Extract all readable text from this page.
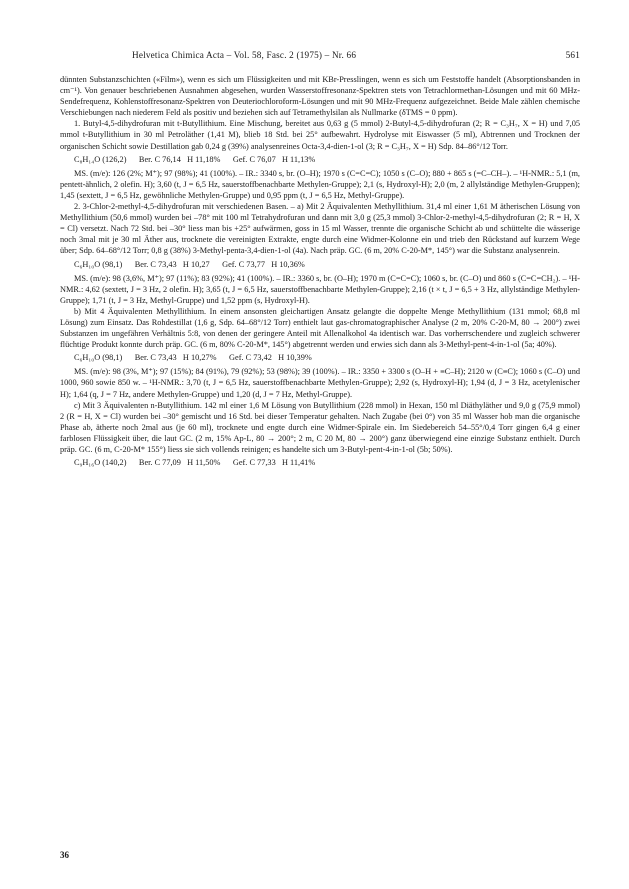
Helvetica Chimica Acta – Vol. 58, Fasc. 2 (1975) – Nr. 66	561

dünnten Substanzschichten («Film»), wenn es sich um Flüssigkeiten und mit KBr-Presslingen, wenn es sich um Feststoffe handelt (Absorptionsbanden in cm⁻¹). Von genauer beschriebenen Ausnahmen abgesehen, wurden Wasserstoffresonanz-Spektren stets von Tetrachlormethan-Lösungen und mit 60 MHz-Sendefrequenz, Kohlenstoffresonanz-Spektren von Deuteriochloroform-Lösungen und mit 90 MHz-Frequenz aufgezeichnet. Beide Male zählen chemische Verschiebungen nach niederem Feld als positiv und beziehen sich auf Tetramethylsilan als Nullmarke (δTMS = 0 ppm).

1. Butyl-4,5-dihydrofuran mit t-Butyllithium. Eine Mischung, bereitet aus 0,63 g (5 mmol) 2-Butyl-4,5-dihydrofuran (2; R = C₃H₇, X = H) und 7,05 mmol t-Butyllithium in 30 ml Petroläther (1,41 M), blieb 18 Std. bei 25° aufbewahrt. Hydrolyse mit Eiswasser (5 ml), Abtrennen und Trocknen der organischen Schicht sowie Destillation gab 0,24 g (39%) analysenreines Octa-3,4-dien-1-ol (3; R = C₃H₇, X = H) Sdp. 84–86°/12 Torr.

C₈H₁₄O (126,2)      Ber. C 76,14   H 11,18%      Gef. C 76,07   H 11,13%

MS. (m/e): 126 (2%; M⁺); 97 (98%); 41 (100%). – IR.: 3340 s, br. (O–H); 1970 s (C=C=C); 1050 s (C–O); 880 + 865 s (=C–CH–). – ¹H-NMR.: 5,1 (m, pentett-ähnlich, 2 olefin. H); 3,60 (t, J = 6,5 Hz, sauerstoffbenachbarte Methylen-Gruppe); 2,1 (s, Hydroxyl-H); 2,0 (m, 2 allylständige Methylen-Gruppen); 1,45 (sextett, J = 6,5 Hz, gewöhnliche Methylen-Gruppe) und 0,95 ppm (t, J = 6,5 Hz, Methyl-Gruppe).

2. 3-Chlor-2-methyl-4,5-dihydrofuran mit verschiedenen Basen. – a) Mit 2 Äquivalenten Methyllithium. 31,4 ml einer 1,61 M ätherischen Lösung von Methyllithium (50,6 mmol) wurden bei –78° mit 100 ml Tetrahydrofuran und dann mit 3,0 g (25,3 mmol) 3-Chlor-2-methyl-4,5-dihydrofuran (2; R = H, X = Cl) versetzt. Nach 72 Std. bei –30° liess man bis +25° aufwärmen, goss in 15 ml Wasser, trennte die organische Schicht ab und schüttelte die wässerige noch 3mal mit je 30 ml Äther aus, trocknete die vereinigten Extrakte, engte durch eine Widmer-Kolonne ein und trieb den Rückstand auf kurzem Wege über; Sdp. 64–68°/12 Torr; 0,8 g (38%) 3-Methyl-penta-3,4-dien-1-ol (4a). Nach präp. GC. (6 m, 20% C-20-M*, 145°) war die Substanz analysenrein.

C₆H₁₀O (98,1)      Ber. C 73,43   H 10,27      Gef. C 73,77   H 10,36%

MS. (m/e): 98 (3,6%, M⁺); 97 (11%); 83 (92%); 41 (100%). – IR.: 3360 s, br. (O–H); 1970 m (C=C=C); 1060 s, br. (C–O) und 860 s (C=C=CH₂). – ¹H-NMR.: 4,62 (sextett, J = 3 Hz, 2 olefin. H); 3,65 (t, J = 6,5 Hz, sauerstoffbenachbarte Methylen-Gruppe); 2,16 (t × t, J = 6,5 + 3 Hz, allylständige Methylen-Gruppe); 1,71 (t, J = 3 Hz, Methyl-Gruppe) und 1,52 ppm (s, Hydroxyl-H).

b) Mit 4 Äquivalenten Methyllithium. In einem ansonsten gleichartigen Ansatz gelangte die doppelte Menge Methyllithium (131 mmol; 68,8 ml Lösung) zum Einsatz. Das Rohdestillat (1,6 g, Sdp. 64–68°/12 Torr) enthielt laut gas-chromatographischer Analyse (2 m, 20% C-20-M, 80 → 200°) zwei Substanzen im ungefähren Verhältnis 5:8, von denen der geringere Anteil mit Allenalkohol 4a identisch war. Das vorherrschendere und zugleich schwerer flüchtige Produkt konnte durch präp. GC. (6 m, 80% C-20-M*, 145°) abgetrennt werden und erwies sich dann als 3-Methyl-pent-4-in-1-ol (5a; 40%).

C₆H₁₀O (98,1)      Ber. C 73,43   H 10,27%      Gef. C 73,42   H 10,39%

MS. (m/e): 98 (3%, M⁺); 97 (15%); 84 (91%), 79 (92%); 53 (98%); 39 (100%). – IR.: 3350 + 3300 s (O–H + ≡C–H); 2120 w (C≡C); 1060 s (C–O) und 1000, 960 sowie 850 w. – ¹H-NMR.: 3,70 (t, J = 6,5 Hz, sauerstoffbenachbarte Methylen-Gruppe); 2,92 (s, Hydroxyl-H); 1,94 (d, J = 3 Hz, acetylenischer H); 1,64 (q, J = 7 Hz, andere Methylen-Gruppe) und 1,20 (d, J = 7 Hz, Methyl-Gruppe).

c) Mit 3 Äquivalenten n-Butyllithium. 142 ml einer 1,6 M Lösung von Butyllithium (228 mmol) in Hexan, 150 ml Diäthyläther und 9,0 g (75,9 mmol) 2 (R = H, X = Cl) wurden bei –30° gemischt und 16 Std. bei dieser Temperatur gehalten. Nach Zugabe (bei 0°) von 35 ml Wasser hob man die organische Phase ab, ätherte noch 2mal aus (je 60 ml), trocknete und engte durch eine Widmer-Spirale ein. Im Siedebereich 54–55°/0,4 Torr gingen 6,4 g einer farblosen Flüssigkeit über, die laut GC. (2 m, 15% Ap-L, 80 → 200°; 2 m, C 20 M, 80 → 200°) ganz überwiegend eine einzige Substanz enthielt. Durch präp. GC. (6 m, C-20-M* 155°) liess sie sich vollends reinigen; es handelte sich um 3-Butyl-pent-4-in-1-ol (5b; 50%).

C₉H₁₆O (140,2)      Ber. C 77,09   H 11,50%      Gef. C 77,33   H 11,41%

36
